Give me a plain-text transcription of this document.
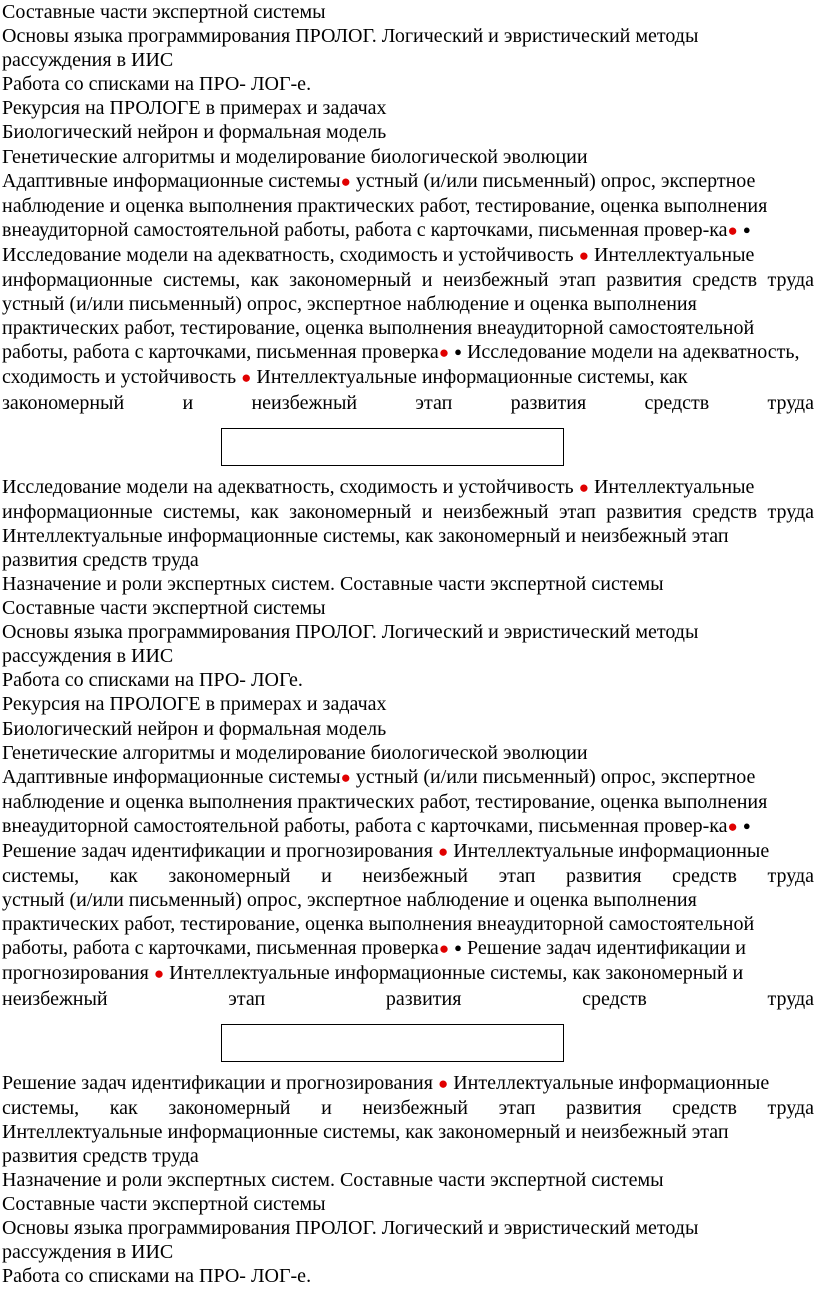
Составные части экспертной системы

Основы языка программирования ПРОЛОГ. Логический и эвристический методы

рассуждения в ИИС

Работа со списками на ПРО- ЛОГ-е.

Рекурсия на ПРОЛОГЕ в примерах и задачах

Биологический нейрон и формальная модель

Генетические алгоритмы и моделирование биологической эволюции

Адаптивные информационные системы● устный (и/или письменный) опрос, экспертное наблюдение и оценка выполнения практических работ, тестирование, оценка выполнения внеаудиторной самостоятельной работы, работа с карточками, письменная провер-ка● ● Исследование модели на адекватность, сходимость и устойчивость ● Интеллектуальные информационные системы, как закономерный и неизбежный этап развития средств труда

устный (и/или письменный) опрос, экспертное наблюдение и оценка выполнения практических работ, тестирование, оценка выполнения внеаудиторной самостоятельной работы, работа с карточками, письменная проверка● ● Исследование модели на адекватность, сходимость и устойчивость ● Интеллектуальные информационные системы, как закономерный и неизбежный этап развития средств труда

Исследование модели на адекватность, сходимость и устойчивость ● Интеллектуальные информационные системы, как закономерный и неизбежный этап развития средств труда

Интеллектуальные информационные системы, как закономерный и неизбежный этап

развития средств труда

Назначение и роли экспертных систем. Составные части экспертной системы

Составные части экспертной системы

Основы языка программирования ПРОЛОГ. Логический и эвристический методы

рассуждения в ИИС

Работа со списками на ПРО- ЛОГе.

Рекурсия на ПРОЛОГЕ в примерах и задачах

Биологический нейрон и формальная модель

Генетические алгоритмы и моделирование биологической эволюции

Адаптивные информационные системы● устный (и/или письменный) опрос, экспертное наблюдение и оценка выполнения практических работ, тестирование, оценка выполнения внеаудиторной самостоятельной работы, работа с карточками, письменная провер-ка● ● Решение задач идентификации и прогнозирования ● Интеллектуальные информационные системы, как закономерный и неизбежный этап развития средств труда

устный (и/или письменный) опрос, экспертное наблюдение и оценка выполнения практических работ, тестирование, оценка выполнения внеаудиторной самостоятельной работы, работа с карточками, письменная проверка● ● Решение задач идентификации и прогнозирования ● Интеллектуальные информационные системы, как закономерный и неизбежный этап развития средств труда

Решение задач идентификации и прогнозирования ● Интеллектуальные информационные системы, как закономерный и неизбежный этап развития средств труда

Интеллектуальные информационные системы, как закономерный и неизбежный этап

развития средств труда

Назначение и роли экспертных систем. Составные части экспертной системы

Составные части экспертной системы

Основы языка программирования ПРОЛОГ. Логический и эвристический методы

рассуждения в ИИС

Работа со списками на ПРО- ЛОГ-е.
